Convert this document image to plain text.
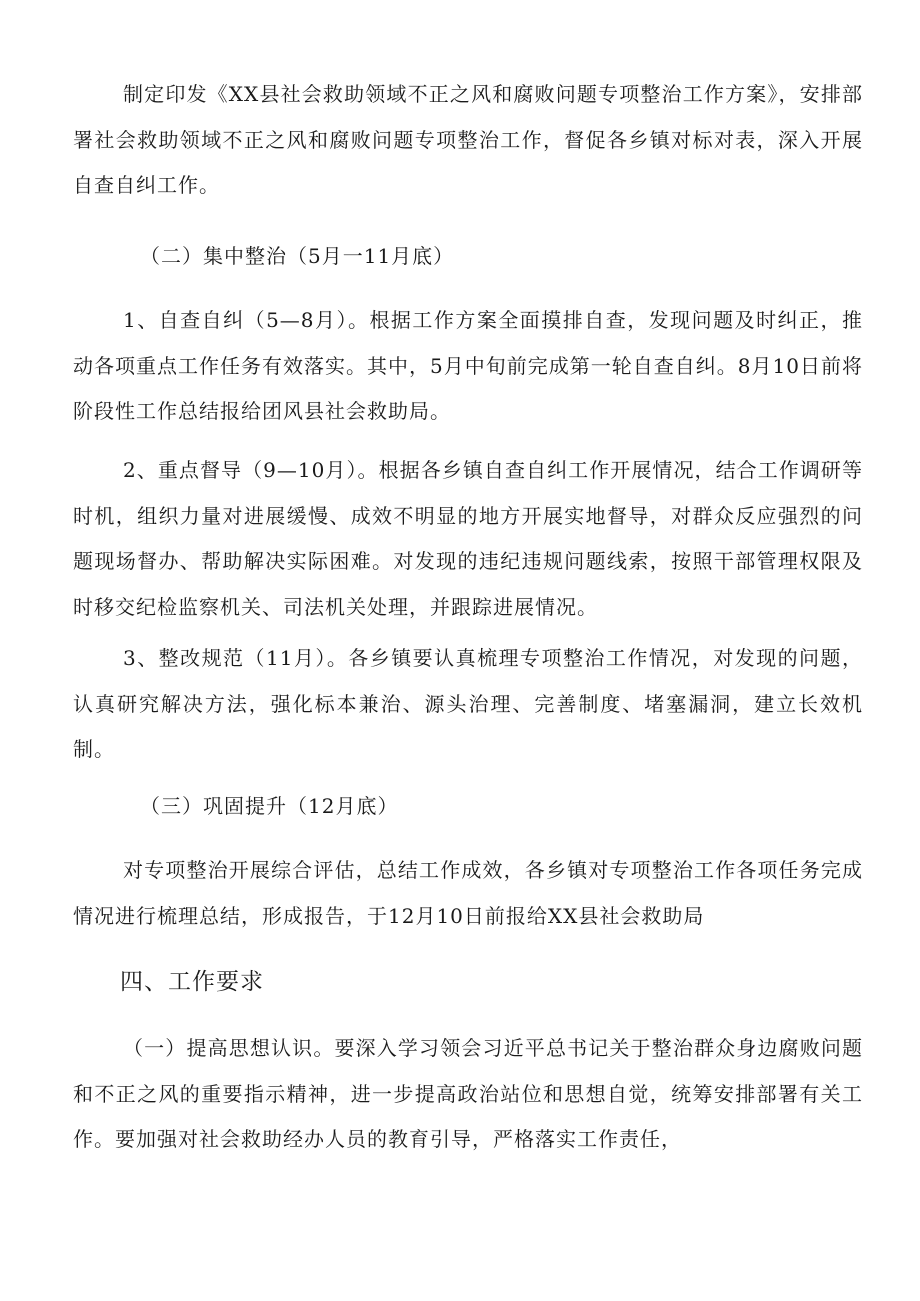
制定印发《XX县社会救助领域不正之风和腐败问题专项整治工作方案》，安排部署社会救助领域不正之风和腐败问题专项整治工作，督促各乡镇对标对表，深入开展自查自纠工作。

（二）集中整治（5月一11月底）

1、自查自纠（5—8月）。根据工作方案全面摸排自查，发现问题及时纠正，推动各项重点工作任务有效落实。其中，5月中旬前完成第一轮自查自纠。8月10日前将阶段性工作总结报给团风县社会救助局。

2、重点督导（9—10月）。根据各乡镇自查自纠工作开展情况，结合工作调研等时机，组织力量对进展缓慢、成效不明显的地方开展实地督导，对群众反应强烈的问题现场督办、帮助解决实际困难。对发现的违纪违规问题线索，按照干部管理权限及时移交纪检监察机关、司法机关处理，并跟踪进展情况。

3、整改规范（11月）。各乡镇要认真梳理专项整治工作情况，对发现的问题，认真研究解决方法，强化标本兼治、源头治理、完善制度、堵塞漏洞，建立长效机制。

（三）巩固提升（12月底）

对专项整治开展综合评估，总结工作成效，各乡镇对专项整治工作各项任务完成情况进行梳理总结，形成报告，于12月10日前报给XX县社会救助局

四、工作要求

（一）提高思想认识。要深入学习领会习近平总书记关于整治群众身边腐败问题和不正之风的重要指示精神，进一步提高政治站位和思想自觉，统筹安排部署有关工作。要加强对社会救助经办人员的教育引导，严格落实工作责任，
